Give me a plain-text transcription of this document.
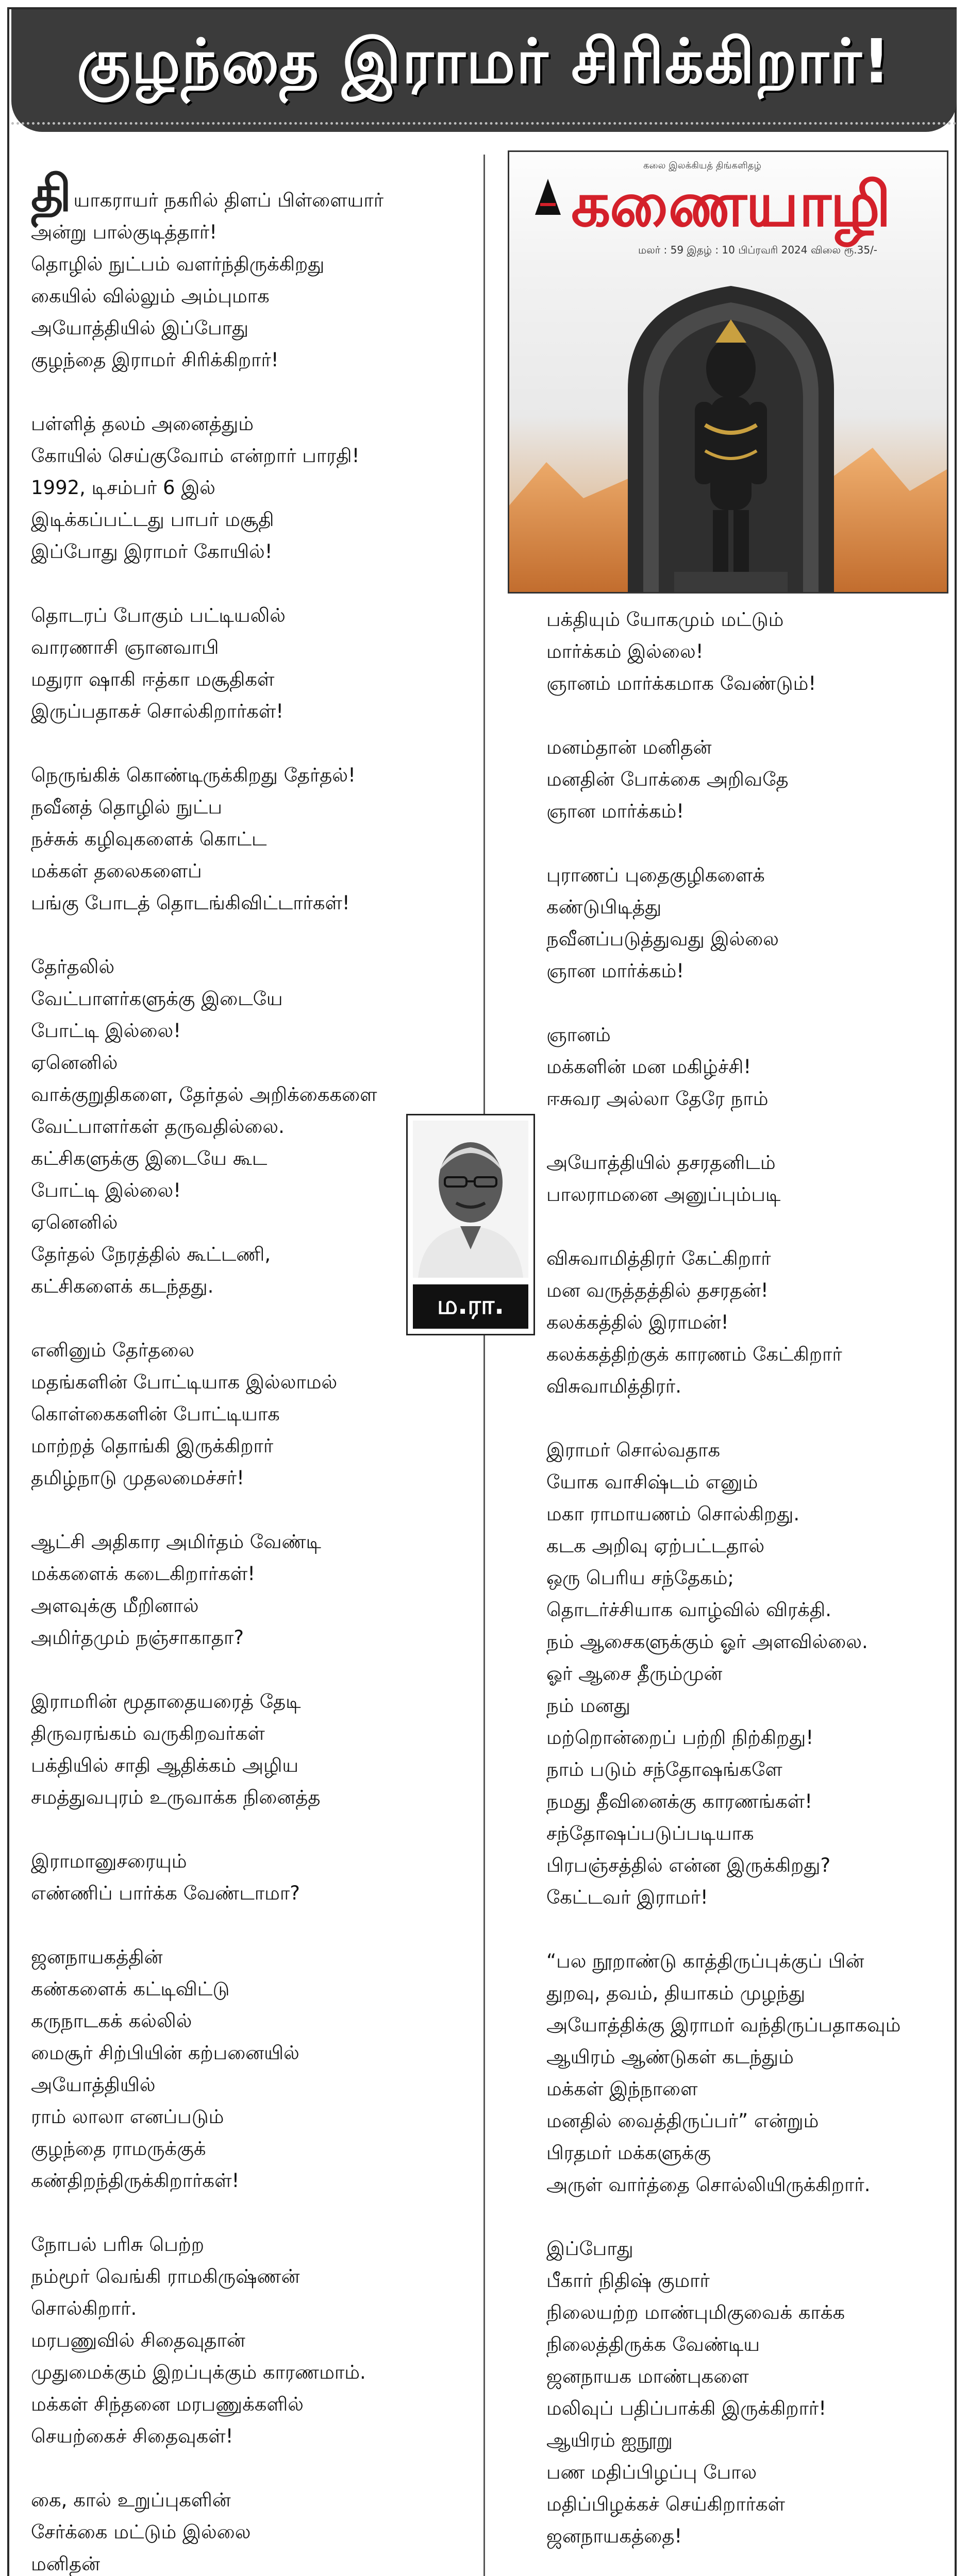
குழந்தை இராமர் சிரிக்கிறார்!
தியாகராயர் நகரில் திளப் பிள்ளையார்
அன்று பால்குடித்தார்!
தொழில் நுட்பம் வளர்ந்திருக்கிறது
கையில் வில்லும் அம்புமாக
அயோத்தியில் இப்போது
குழந்தை இராமர் சிரிக்கிறார்!
பள்ளித் தலம் அனைத்தும்
கோயில் செய்குவோம் என்றார் பாரதி!
1992, டிசம்பர் 6 இல்
இடிக்கப்பட்டது பாபர் மசூதி
இப்போது இராமர் கோயில்!
தொடரப் போகும் பட்டியலில்
வாரணாசி ஞானவாபி
மதுரா ஷாகி ஈத்கா மசூதிகள்
இருப்பதாகச் சொல்கிறார்கள்!
நெருங்கிக் கொண்டிருக்கிறது தேர்தல்!
நவீனத் தொழில் நுட்ப
நச்சுக் கழிவுகளைக் கொட்ட
மக்கள் தலைகளைப்
பங்கு போடத் தொடங்கிவிட்டார்கள்!
தேர்தலில்
வேட்பாளர்களுக்கு இடையே
போட்டி இல்லை!
ஏனெனில்
வாக்குறுதிகளை, தேர்தல் அறிக்கைகளை
வேட்பாளர்கள் தருவதில்லை.
கட்சிகளுக்கு இடையே கூட
போட்டி இல்லை!
ஏனெனில்
தேர்தல் நேரத்தில் கூட்டணி,
கட்சிகளைக் கடந்தது.
எனினும் தேர்தலை
மதங்களின் போட்டியாக இல்லாமல்
கொள்கைகளின் போட்டியாக
மாற்றத் தொங்கி இருக்கிறார்
தமிழ்நாடு முதலமைச்சர்!
ஆட்சி அதிகார அமிர்தம் வேண்டி
மக்களைக் கடைகிறார்கள்!
அளவுக்கு மீறினால்
அமிர்தமும் நஞ்சாகாதா?
இராமரின் மூதாதையரைத் தேடி
திருவரங்கம் வருகிறவர்கள்
பக்தியில் சாதி ஆதிக்கம் அழிய
சமத்துவபுரம் உருவாக்க நினைத்த
இராமானுசரையும்
எண்ணிப் பார்க்க வேண்டாமா?
ஜனநாயகத்தின்
கண்களைக் கட்டிவிட்டு
கருநாடகக் கல்லில்
மைசூர் சிற்பியின் கற்பனையில்
அயோத்தியில்
ராம் லாலா எனப்படும்
குழந்தை ராமருக்குக்
கண்திறந்திருக்கிறார்கள்!
நோபல் பரிசு பெற்ற
நம்மூர் வெங்கி ராமகிருஷ்ணன்
சொல்கிறார்.
மரபணுவில் சிதைவுதான்
முதுமைக்கும் இறப்புக்கும் காரணமாம்.
மக்கள் சிந்தனை மரபணுக்களில்
செயற்கைச் சிதைவுகள்!
கை, கால் உறுப்புகளின்
சேர்க்கை மட்டும் இல்லை
மனிதன்
கலை இலக்கியத் திங்களிதழ்
கணையாழி
மலர் : 59 இதழ் : 10 பிப்ரவரி 2024 விலை ரூ.35/-
பக்தியும் யோகமும் மட்டும்
மார்க்கம் இல்லை!
ஞானம் மார்க்கமாக வேண்டும்!
மனம்தான் மனிதன்
மனதின் போக்கை அறிவதே
ஞான மார்க்கம்!
புராணப் புதைகுழிகளைக்
கண்டுபிடித்து
நவீனப்படுத்துவது இல்லை
ஞான மார்க்கம்!
ஞானம்
மக்களின் மன மகிழ்ச்சி!
ஈசுவர அல்லா தேரே நாம்
அயோத்தியில் தசரதனிடம்
பாலராமனை அனுப்பும்படி
விசுவாமித்திரர் கேட்கிறார்
மன வருத்தத்தில் தசரதன்!
கலக்கத்தில் இராமன்!
கலக்கத்திற்குக் காரணம் கேட்கிறார்
விசுவாமித்திரர்.
இராமர் சொல்வதாக
யோக வாசிஷ்டம் எனும்
மகா ராமாயணம் சொல்கிறது.
கடக அறிவு ஏற்பட்டதால்
ஒரு பெரிய சந்தேகம்;
தொடர்ச்சியாக வாழ்வில் விரக்தி.
நம் ஆசைகளுக்கும் ஓர் அளவில்லை.
ஓர் ஆசை தீரும்முன்
நம் மனது
மற்றொன்றைப் பற்றி நிற்கிறது!
நாம் படும் சந்தோஷங்களே
நமது தீவினைக்கு காரணங்கள்!
சந்தோஷப்படுப்படியாக
பிரபஞ்சத்தில் என்ன இருக்கிறது?
கேட்டவர் இராமர்!
“பல நூறாண்டு காத்திருப்புக்குப் பின்
துறவு, தவம், தியாகம் முழந்து
அயோத்திக்கு இராமர் வந்திருப்பதாகவும்
ஆயிரம் ஆண்டுகள் கடந்தும்
மக்கள் இந்நாளை
மனதில் வைத்திருப்பர்” என்றும்
பிரதமர் மக்களுக்கு
அருள் வார்த்தை சொல்லியிருக்கிறார்.
இப்போது
பீகார் நிதிஷ் குமார்
நிலையற்ற மாண்புமிகுவைக் காக்க
நிலைத்திருக்க வேண்டிய
ஜனநாயக மாண்புகளை
மலிவுப் பதிப்பாக்கி இருக்கிறார்!
ஆயிரம் ஐநூறு
பண மதிப்பிழப்பு போல
மதிப்பிழக்கச் செய்கிறார்கள்
ஜனநாயகத்தை!
ம.ரா.
